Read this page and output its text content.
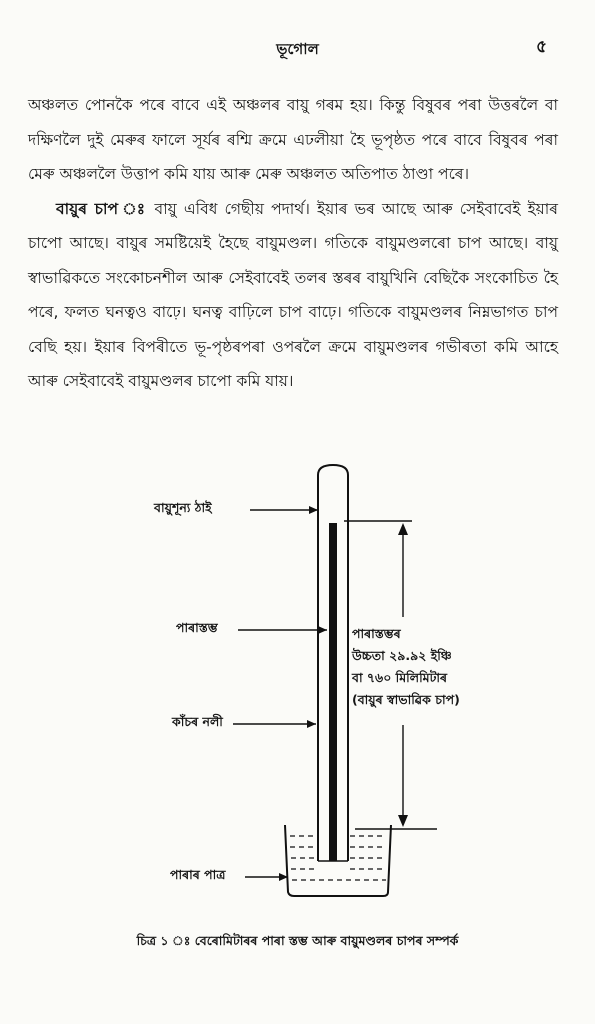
ভূগোল	৫

অঞ্চলত পোনকৈ পৰে বাবে এই অঞ্চলৰ বায়ু গৰম হয়। কিন্তু বিষুবৰ পৰা উত্তৰলৈ বা দক্ষিণলৈ দুই মেৰুৰ ফালে সূৰ্যৰ ৰশ্মি ক্ৰমে এঢলীয়া হৈ ভূপৃষ্ঠত পৰে বাবে বিষুবৰ পৰা মেৰু অঞ্চললৈ উত্তাপ কমি যায় আৰু মেৰু অঞ্চলত অতিপাত ঠাণ্ডা পৰে।

বায়ুৰ চাপ ঃ বায়ু এবিধ গেছীয় পদাৰ্থ। ইয়াৰ ভৰ আছে আৰু সেইবাবেই ইয়াৰ চাপো আছে। বায়ুৰ সমষ্টিয়েই হৈছে বায়ুমণ্ডল। গতিকে বায়ুমণ্ডলৰো চাপ আছে। বায়ু স্বাভাৱিকতে সংকোচনশীল আৰু সেইবাবেই তলৰ স্তৰৰ বায়ুখিনি বেছিকৈ সংকোচিত হৈ পৰে, ফলত ঘনত্বও বাঢ়ে। ঘনত্ব বাঢ়িলে চাপ বাঢ়ে। গতিকে বায়ুমণ্ডলৰ নিম্নভাগত চাপ বেছি হয়। ইয়াৰ বিপৰীতে ভূ-পৃষ্ঠৰপৰা ওপৰলৈ ক্ৰমে বায়ুমণ্ডলৰ গভীৰতা কমি আহে আৰু সেইবাবেই বায়ুমণ্ডলৰ চাপো কমি যায়।

বায়ুশূন্য ঠাই
পাৰাস্তম্ভ
কাঁচৰ নলী
পাৰাৰ পাত্ৰ
পাৰাস্তম্ভৰ
উচ্চতা ২৯.৯২ ইঞ্চি
বা ৭৬০ মিলিমিটাৰ
(বায়ুৰ স্বাভাৱিক চাপ)
চিত্ৰ ১ ঃ বেৰোমিটাৰৰ পাৰা স্তম্ভ আৰু বায়ুমণ্ডলৰ চাপৰ সম্পৰ্ক
